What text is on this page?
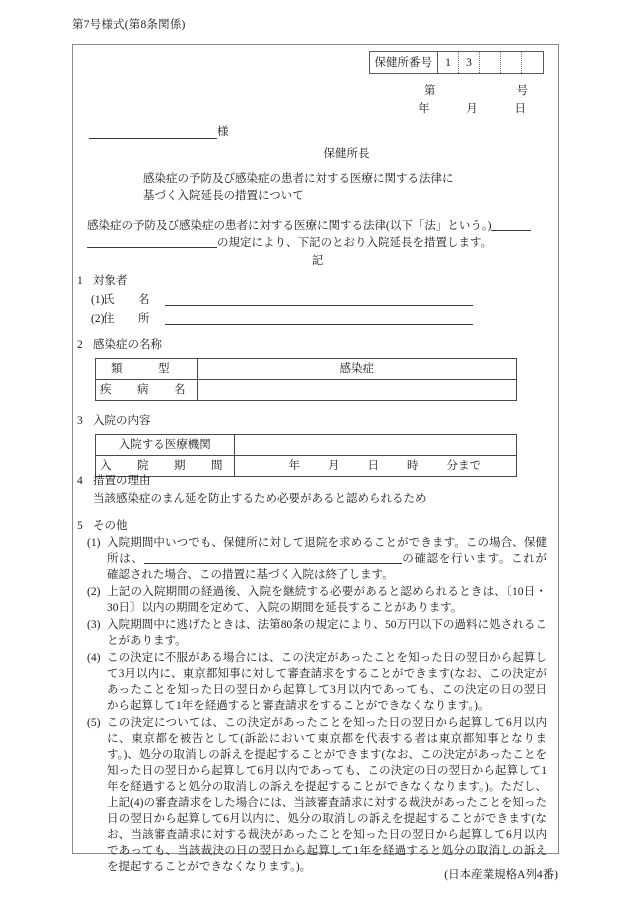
第7号様式(第8条関係)
保健所番号	1	3
第	号
年	月	日
様
保健所長
感染症の予防及び感染症の患者に対する医療に関する法律に
基づく入院延長の措置について
感染症の予防及び感染症の患者に対する医療に関する法律(以下「法」という。)の規定により、下記のとおり入院延長を措置します。
記
1 対象者
(1)
氏　名
(2)
住　所
2 感染症の名称
類　型	感染症
疾　病　名	
3 入院の内容
入院する医療機関	
入　院　期　間	年 月 日 時 分まで
4 措置の理由
当該感染症のまん延を防止するため必要があると認められるため
5 その他
(1) 入院期間中いつでも、保健所に対して退院を求めることができます。この場合、保健所は、	の確認を行います。これが確認された場合、この措置に基づく入院は終了します。
(2) 上記の入院期間の経過後、入院を継続する必要があると認められるときは、〔10日・30日〕以内の期間を定めて、入院の期間を延長することがあります。
(3) 入院期間中に逃げたときは、法第80条の規定により、50万円以下の過料に処されることがあります。
(4) この決定に不服がある場合には、この決定があったことを知った日の翌日から起算して3月以内に、東京都知事に対して審査請求をすることができます(なお、この決定があったことを知った日の翌日から起算して3月以内であっても、この決定の日の翌日から起算して1年を経過すると審査請求をすることができなくなります。)。
(5) この決定については、この決定があったことを知った日の翌日から起算して6月以内に、東京都を被告として(訴訟において東京都を代表する者は東京都知事となります。)、処分の取消しの訴えを提起することができます(なお、この決定があったことを知った日の翌日から起算して6月以内であっても、この決定の日の翌日から起算して1年を経過すると処分の取消しの訴えを提起することができなくなります。)。ただし、上記(4)の審査請求をした場合には、当該審査請求に対する裁決があったことを知った日の翌日から起算して6月以内に、処分の取消しの訴えを提起することができます(なお、当該審査請求に対する裁決があったことを知った日の翌日から起算して6月以内であっても、当該裁決の日の翌日から起算して1年を経過すると処分の取消しの訴えを提起することができなくなります。)。
(日本産業規格A列4番)
